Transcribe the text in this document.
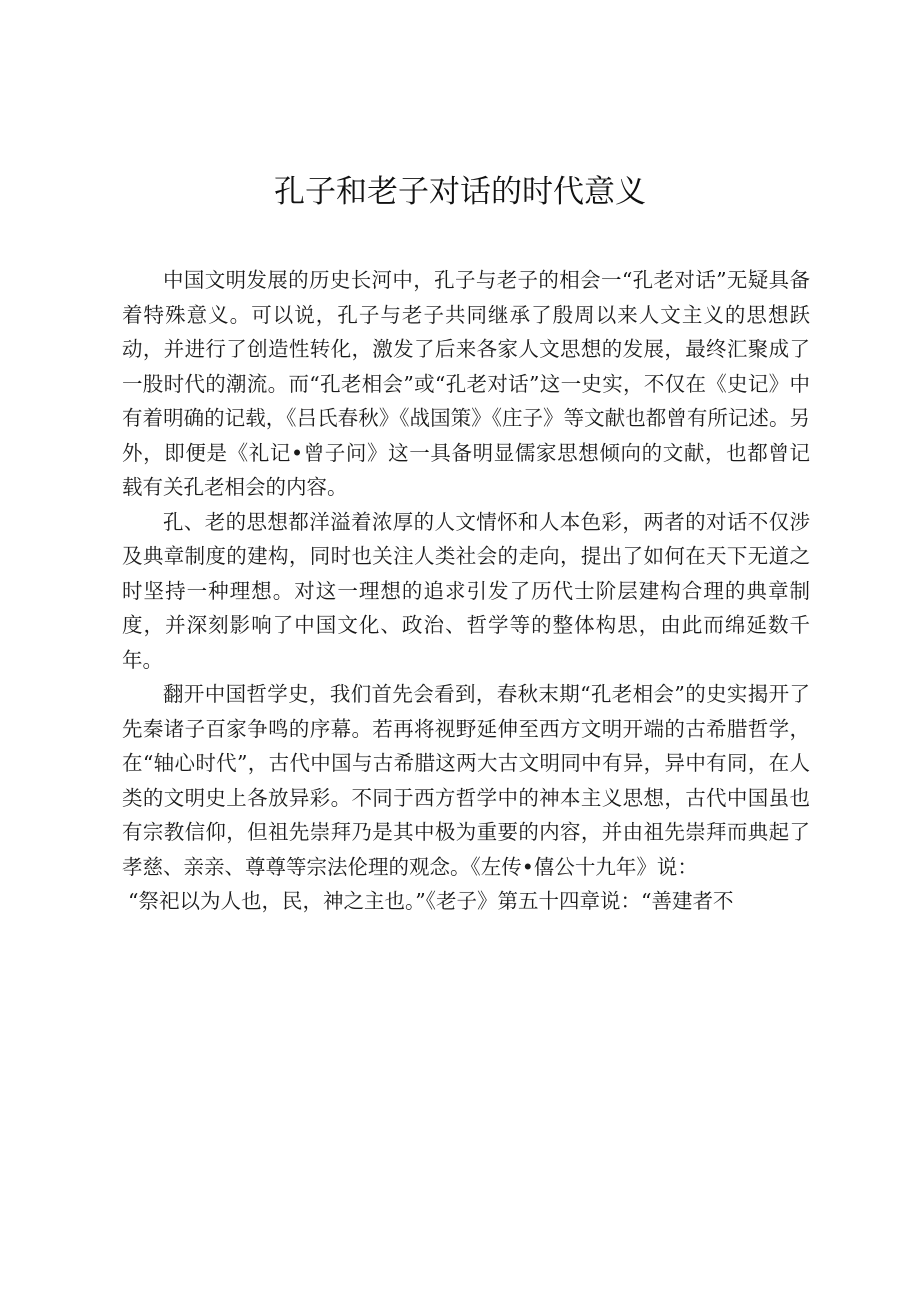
孔子和老子对话的时代意义

中国文明发展的历史长河中，孔子与老子的相会一“孔老对话”无疑具备着特殊意义。可以说，孔子与老子共同继承了殷周以来人文主义的思想跃动，并进行了创造性转化，激发了后来各家人文思想的发展，最终汇聚成了一股时代的潮流。而“孔老相会”或“孔老对话”这一史实，不仅在《史记》中有着明确的记载，《吕氏春秋》《战国策》《庄子》等文献也都曾有所记述。另外，即便是《礼记•曾子问》这一具备明显儒家思想倾向的文献，也都曾记载有关孔老相会的内容。

孔、老的思想都洋溢着浓厚的人文情怀和人本色彩，两者的对话不仅涉及典章制度的建构，同时也关注人类社会的走向，提出了如何在天下无道之时坚持一种理想。对这一理想的追求引发了历代士阶层建构合理的典章制度，并深刻影响了中国文化、政治、哲学等的整体构思，由此而绵延数千年。

翻开中国哲学史，我们首先会看到，春秋末期“孔老相会”的史实揭开了先秦诸子百家争鸣的序幕。若再将视野延伸至西方文明开端的古希腊哲学，在“轴心时代”，古代中国与古希腊这两大古文明同中有异，异中有同，在人类的文明史上各放异彩。不同于西方哲学中的神本主义思想，古代中国虽也有宗教信仰，但祖先崇拜乃是其中极为重要的内容，并由祖先崇拜而典起了孝慈、亲亲、尊尊等宗法伦理的观念。《左传•僖公十九年》说：

“祭祀以为人也，民，神之主也。”《老子》第五十四章说：“善建者不
